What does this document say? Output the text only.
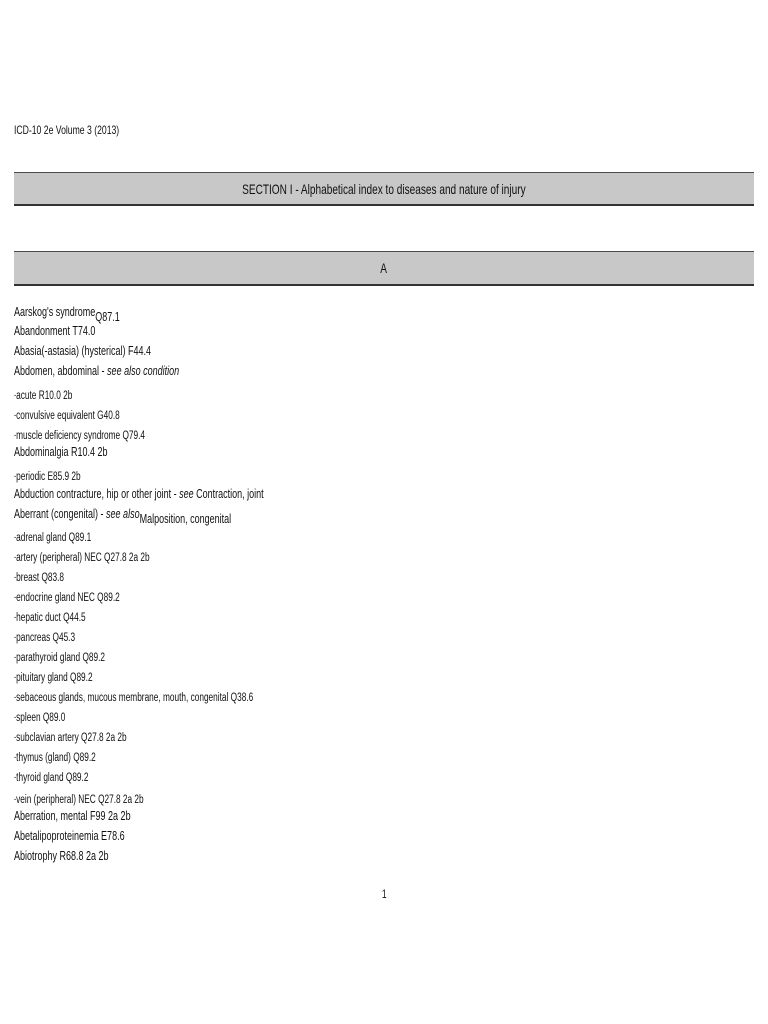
ICD-10 2e Volume 3 (2013)
SECTION I - Alphabetical index to diseases and nature of injury
A
Aarskog's syndromeQ87.1
Abandonment T74.0
Abasia(-astasia) (hysterical) F44.4
Abdomen, abdominal - see also condition
-acute R10.0 2b
-convulsive equivalent G40.8
-muscle deficiency syndrome Q79.4
Abdominalgia R10.4 2b
-periodic E85.9 2b
Abduction contracture, hip or other joint - see Contraction, joint
Aberrant (congenital) - see alsoMalposition, congenital
-adrenal gland Q89.1
-artery (peripheral) NEC Q27.8 2a 2b
-breast Q83.8
-endocrine gland NEC Q89.2
-hepatic duct Q44.5
-pancreas Q45.3
-parathyroid gland Q89.2
-pituitary gland Q89.2
-sebaceous glands, mucous membrane, mouth, congenital Q38.6
-spleen Q89.0
-subclavian artery Q27.8 2a 2b
-thymus (gland) Q89.2
-thyroid gland Q89.2
-vein (peripheral) NEC Q27.8 2a 2b
Aberration, mental F99 2a 2b
Abetalipoproteinemia E78.6
Abiotrophy R68.8 2a 2b
1
